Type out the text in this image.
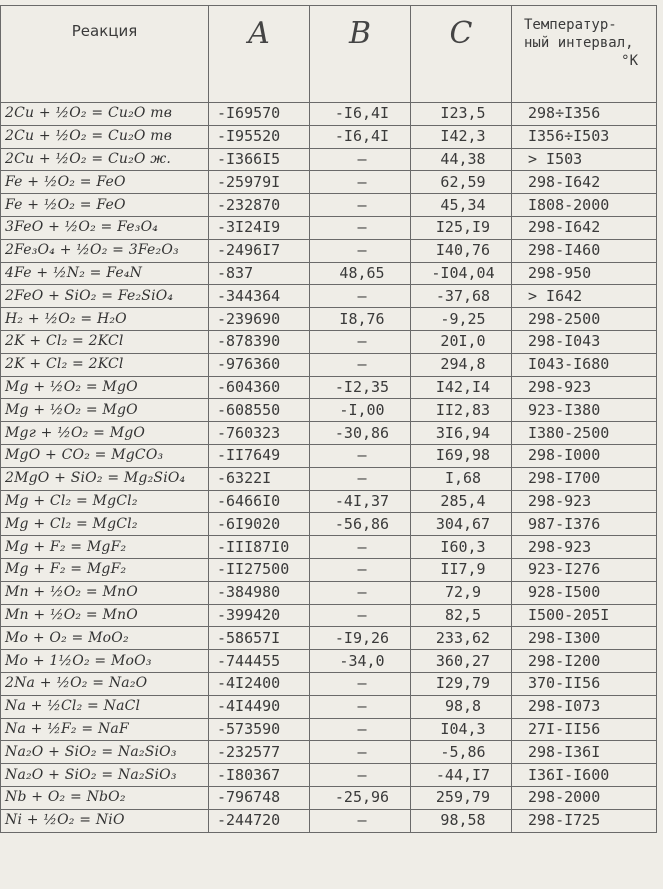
Реакция	A	B	C	Температур-
ный интервал,
°К

2Cu + ½O₂ = Cu₂O тв	-I69570	-I6,4I	I23,5	298÷I356
2Cu + ½O₂ = Cu₂O тв	-I95520	-I6,4I	I42,3	I356÷I503
2Cu + ½O₂ = Cu₂O ж.	-I366I5	–	44,38	> I503
Fe + ½O₂ = FeO	-25979I	–	62,59	298-I642
Fe + ½O₂ = FeO	-232870	–	45,34	I808-2000
3FeO + ½O₂ = Fe₃O₄	-3I24I9	–	I25,I9	298-I642
2Fe₃O₄ + ½O₂ = 3Fe₂O₃	-2496I7	–	I40,76	298-I460
4Fe + ½N₂ = Fe₄N	-837	48,65	-I04,04	298-950
2FeO + SiO₂ = Fe₂SiO₄	-344364	–	-37,68	> I642
H₂ + ½O₂ = H₂O	-239690	I8,76	-9,25	298-2500
2K + Cl₂ = 2KCl	-878390	–	20I,0	298-I043
2K + Cl₂ = 2KCl	-976360	–	294,8	I043-I680
Mg + ½O₂ = MgO	-604360	-I2,35	I42,I4	298-923
Mg + ½O₂ = MgO	-608550	-I,00	II2,83	923-I380
Mgг + ½O₂ = MgO	-760323	-30,86	3I6,94	I380-2500
MgO + CO₂ = MgCO₃	-II7649	–	I69,98	298-I000
2MgO + SiO₂ = Mg₂SiO₄	-6322I	–	I,68	298-I700
Mg + Cl₂ = MgCl₂	-6466I0	-4I,37	285,4	298-923
Mg + Cl₂ = MgCl₂	-6I9020	-56,86	304,67	987-I376
Mg + F₂ = MgF₂	-III87I0	–	I60,3	298-923
Mg + F₂ = MgF₂	-II27500	–	II7,9	923-I276
Mn + ½O₂ = MnO	-384980	–	72,9	928-I500
Mn + ½O₂ = MnO	-399420	–	82,5	I500-205I
Mo + O₂ = MoO₂	-58657I	-I9,26	233,62	298-I300
Mo + 1½O₂ = MoO₃	-744455	-34,0	360,27	298-I200
2Na + ½O₂ = Na₂O	-4I2400	–	I29,79	370-II56
Na + ½Cl₂ = NaCl	-4I4490	–	98,8	298-I073
Na + ½F₂ = NaF	-573590	–	I04,3	27I-II56
Na₂O + SiO₂ = Na₂SiO₃	-232577	–	-5,86	298-I36I
Na₂O + SiO₂ = Na₂SiO₃	-I80367	–	-44,I7	I36I-I600
Nb + O₂ = NbO₂	-796748	-25,96	259,79	298-2000
Ni + ½O₂ = NiO	-244720	–	98,58	298-I725
